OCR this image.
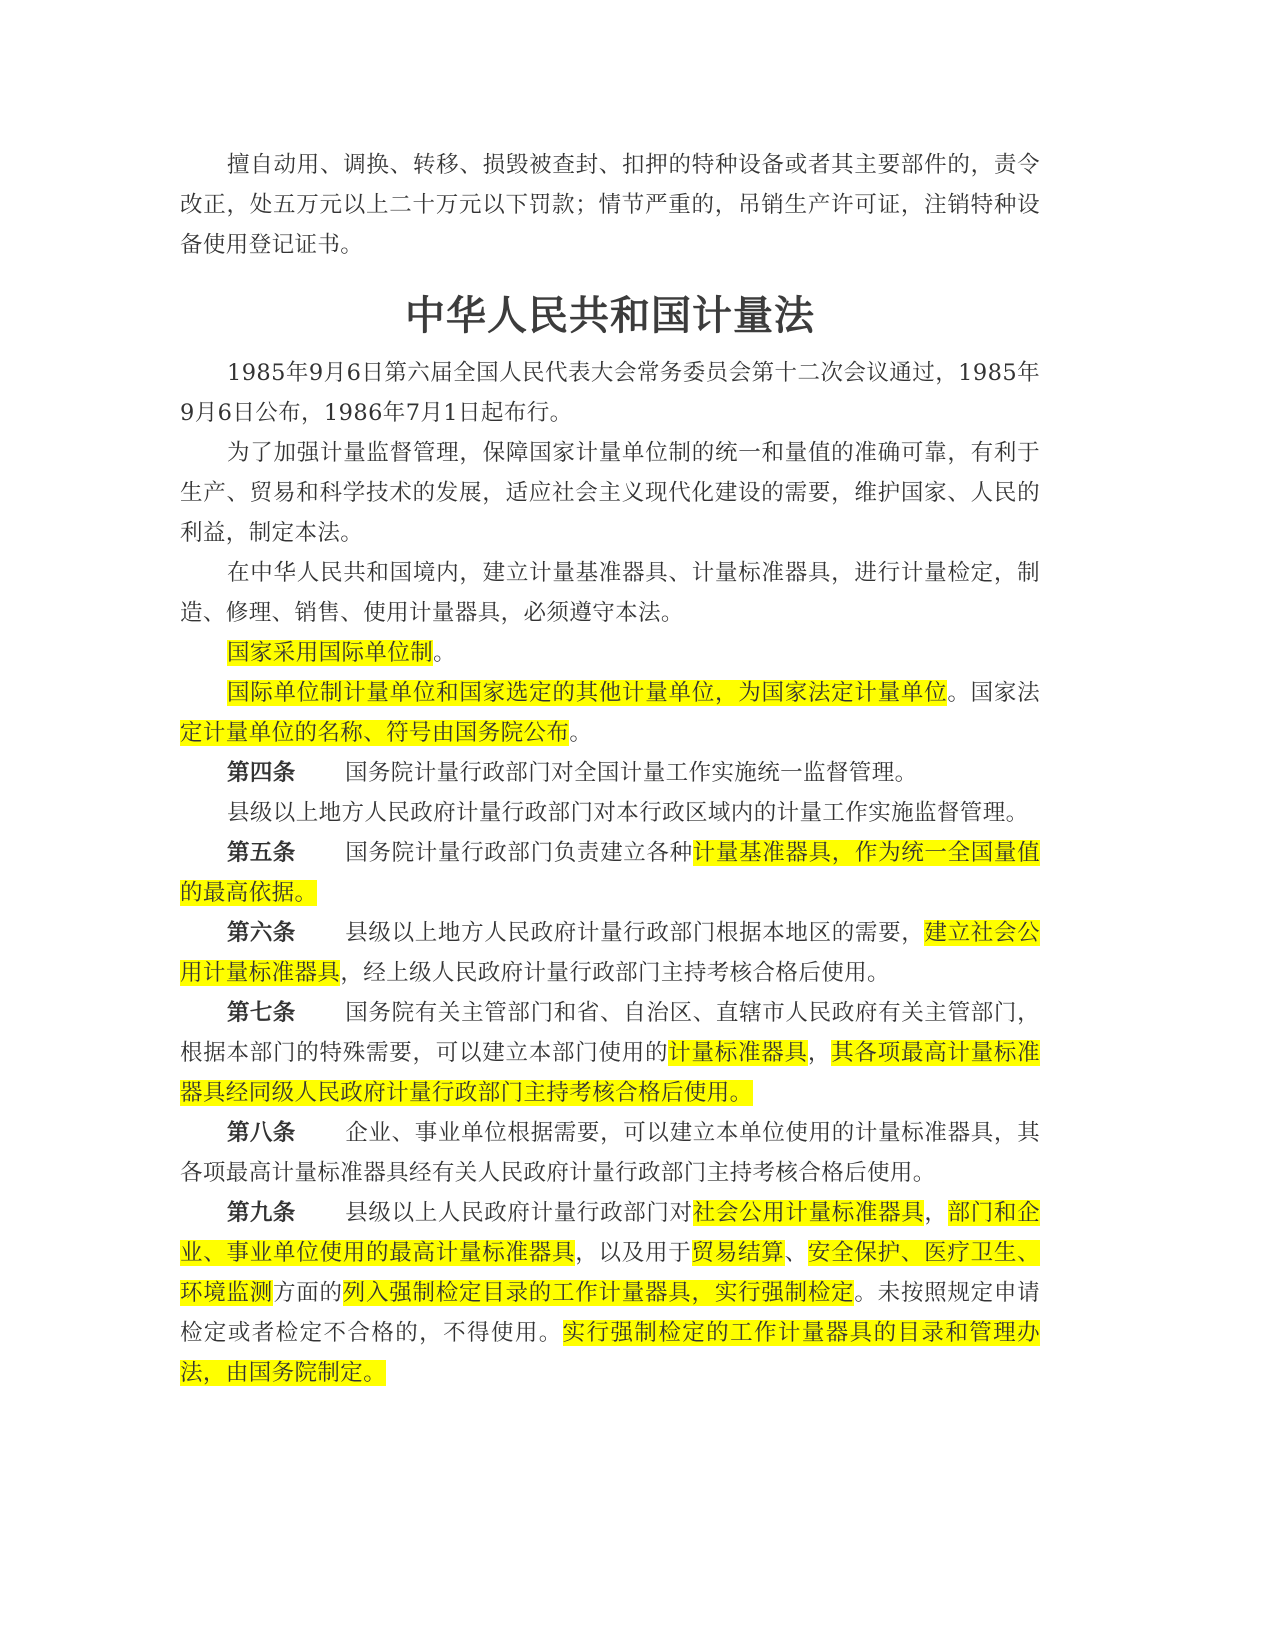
擅自动用、调换、转移、损毁被查封、扣押的特种设备或者其主要部件的，责令改正，处五万元以上二十万元以下罚款；情节严重的，吊销生产许可证，注销特种设备使用登记证书。

中华人民共和国计量法

1985年9月6日第六届全国人民代表大会常务委员会第十二次会议通过，1985年9月6日公布，1986年7月1日起布行。

为了加强计量监督管理，保障国家计量单位制的统一和量值的准确可靠，有利于生产、贸易和科学技术的发展，适应社会主义现代化建设的需要，维护国家、人民的利益，制定本法。

在中华人民共和国境内，建立计量基准器具、计量标准器具，进行计量检定，制造、修理、销售、使用计量器具，必须遵守本法。

国家采用国际单位制。

国际单位制计量单位和国家选定的其他计量单位，为国家法定计量单位。国家法定计量单位的名称、符号由国务院公布。

第四条 国务院计量行政部门对全国计量工作实施统一监督管理。

县级以上地方人民政府计量行政部门对本行政区域内的计量工作实施监督管理。

第五条 国务院计量行政部门负责建立各种计量基准器具，作为统一全国量值的最高依据。

第六条 县级以上地方人民政府计量行政部门根据本地区的需要，建立社会公用计量标准器具，经上级人民政府计量行政部门主持考核合格后使用。

第七条 国务院有关主管部门和省、自治区、直辖市人民政府有关主管部门，根据本部门的特殊需要，可以建立本部门使用的计量标准器具，其各项最高计量标准器具经同级人民政府计量行政部门主持考核合格后使用。

第八条 企业、事业单位根据需要，可以建立本单位使用的计量标准器具，其各项最高计量标准器具经有关人民政府计量行政部门主持考核合格后使用。

第九条 县级以上人民政府计量行政部门对社会公用计量标准器具，部门和企业、事业单位使用的最高计量标准器具，以及用于贸易结算、安全保护、医疗卫生、环境监测方面的列入强制检定目录的工作计量器具，实行强制检定。未按照规定申请检定或者检定不合格的，不得使用。实行强制检定的工作计量器具的目录和管理办法，由国务院制定。
